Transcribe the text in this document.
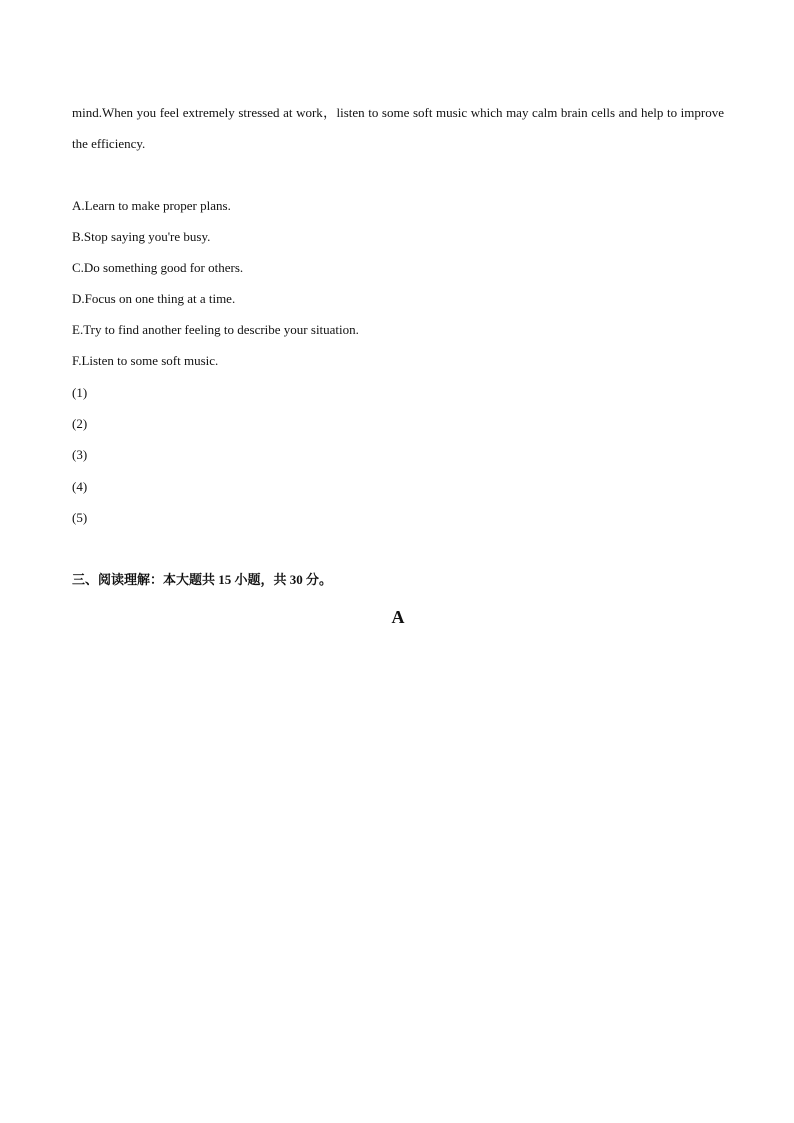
mind.When you feel extremely stressed at work，listen to some soft music which may calm brain cells and help to improve the efficiency.
A.Learn to make proper plans.
B.Stop saying you're busy.
C.Do something good for others.
D.Focus on one thing at a time.
E.Try to find another feeling to describe your situation.
F.Listen to some soft music.
(1)
(2)
(3)
(4)
(5)
三、阅读理解：本大题共 15 小题，共 30 分。
A
